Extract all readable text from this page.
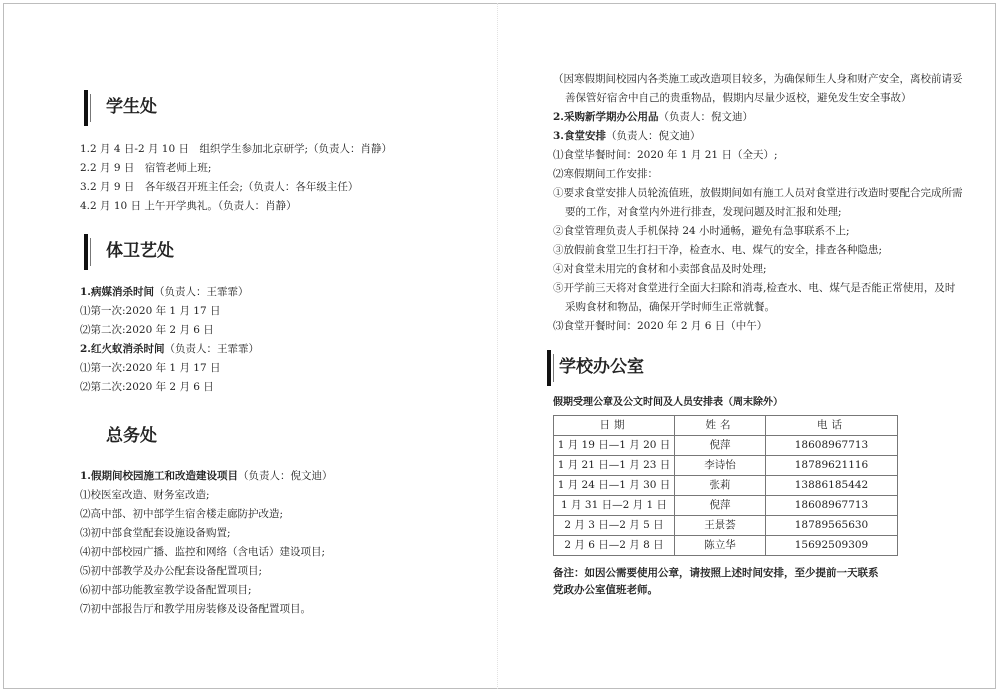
学生处
1.2 月 4 日-2 月 10 日　组织学生参加北京研学;（负责人：肖静）
2.2 月 9 日　宿管老师上班;
3.2 月 9 日　各年级召开班主任会;（负责人：各年级主任）
4.2 月 10 日 上午开学典礼。（负责人：肖静）
体卫艺处
1.病媒消杀时间（负责人：王霏霏）
⑴第一次:2020 年 1 月 17 日
⑵第二次:2020 年 2 月 6 日
2.红火蚁消杀时间（负责人：王霏霏）
⑴第一次:2020 年 1 月 17 日
⑵第二次:2020 年 2 月 6 日
总务处
1.假期间校园施工和改造建设项目（负责人：倪文迪）
⑴校医室改造、财务室改造;
⑵高中部、初中部学生宿舍楼走廊防护改造;
⑶初中部食堂配套设施设备购置;
⑷初中部校园广播、监控和网络（含电话）建设项目;
⑸初中部教学及办公配套设备配置项目;
⑹初中部功能教室教学设备配置项目;
⑺初中部报告厅和教学用房装修及设备配置项目。
（因寒假期间校园内各类施工或改造项目较多，为确保师生人身和财产安全，离校前请妥善保管好宿舍中自己的贵重物品，假期内尽量少返校，避免发生安全事故）
2.采购新学期办公用品（负责人：倪文迪）
3.食堂安排（负责人：倪文迪）
⑴食堂毕餐时间：2020 年 1 月 21 日（全天）;
⑵寒假期间工作安排：
①要求食堂安排人员轮流值班，放假期间如有施工人员对食堂进行改造时要配合完成所需要的工作，对食堂内外进行排查，发现问题及时汇报和处理;
②食堂管理负责人手机保持 24 小时通畅，避免有急事联系不上;
③放假前食堂卫生打扫干净，检查水、电、煤气的安全，排查各种隐患;
④对食堂未用完的食材和小卖部食品及时处理;
⑤开学前三天将对食堂进行全面大扫除和消毒,检查水、电、煤气是否能正常使用，及时采购食材和物品，确保开学时师生正常就餐。
⑶食堂开餐时间：2020 年 2 月 6 日（中午）
学校办公室
假期受理公章及公文时间及人员安排表（周末除外）
日期	姓名	电话
1 月 19 日—1 月 20 日	倪萍	18608967713
1 月 21 日—1 月 23 日	李诗怡	18789621116
1 月 24 日—1 月 30 日	张莉	13886185442
1 月 31 日—2 月 1 日	倪萍	18608967713
2 月 3 日—2 月 5 日	王景荟	18789565630
2 月 6 日—2 月 8 日	陈立华	15692509309
备注：如因公需要使用公章，请按照上述时间安排，至少提前一天联系
党政办公室值班老师。
